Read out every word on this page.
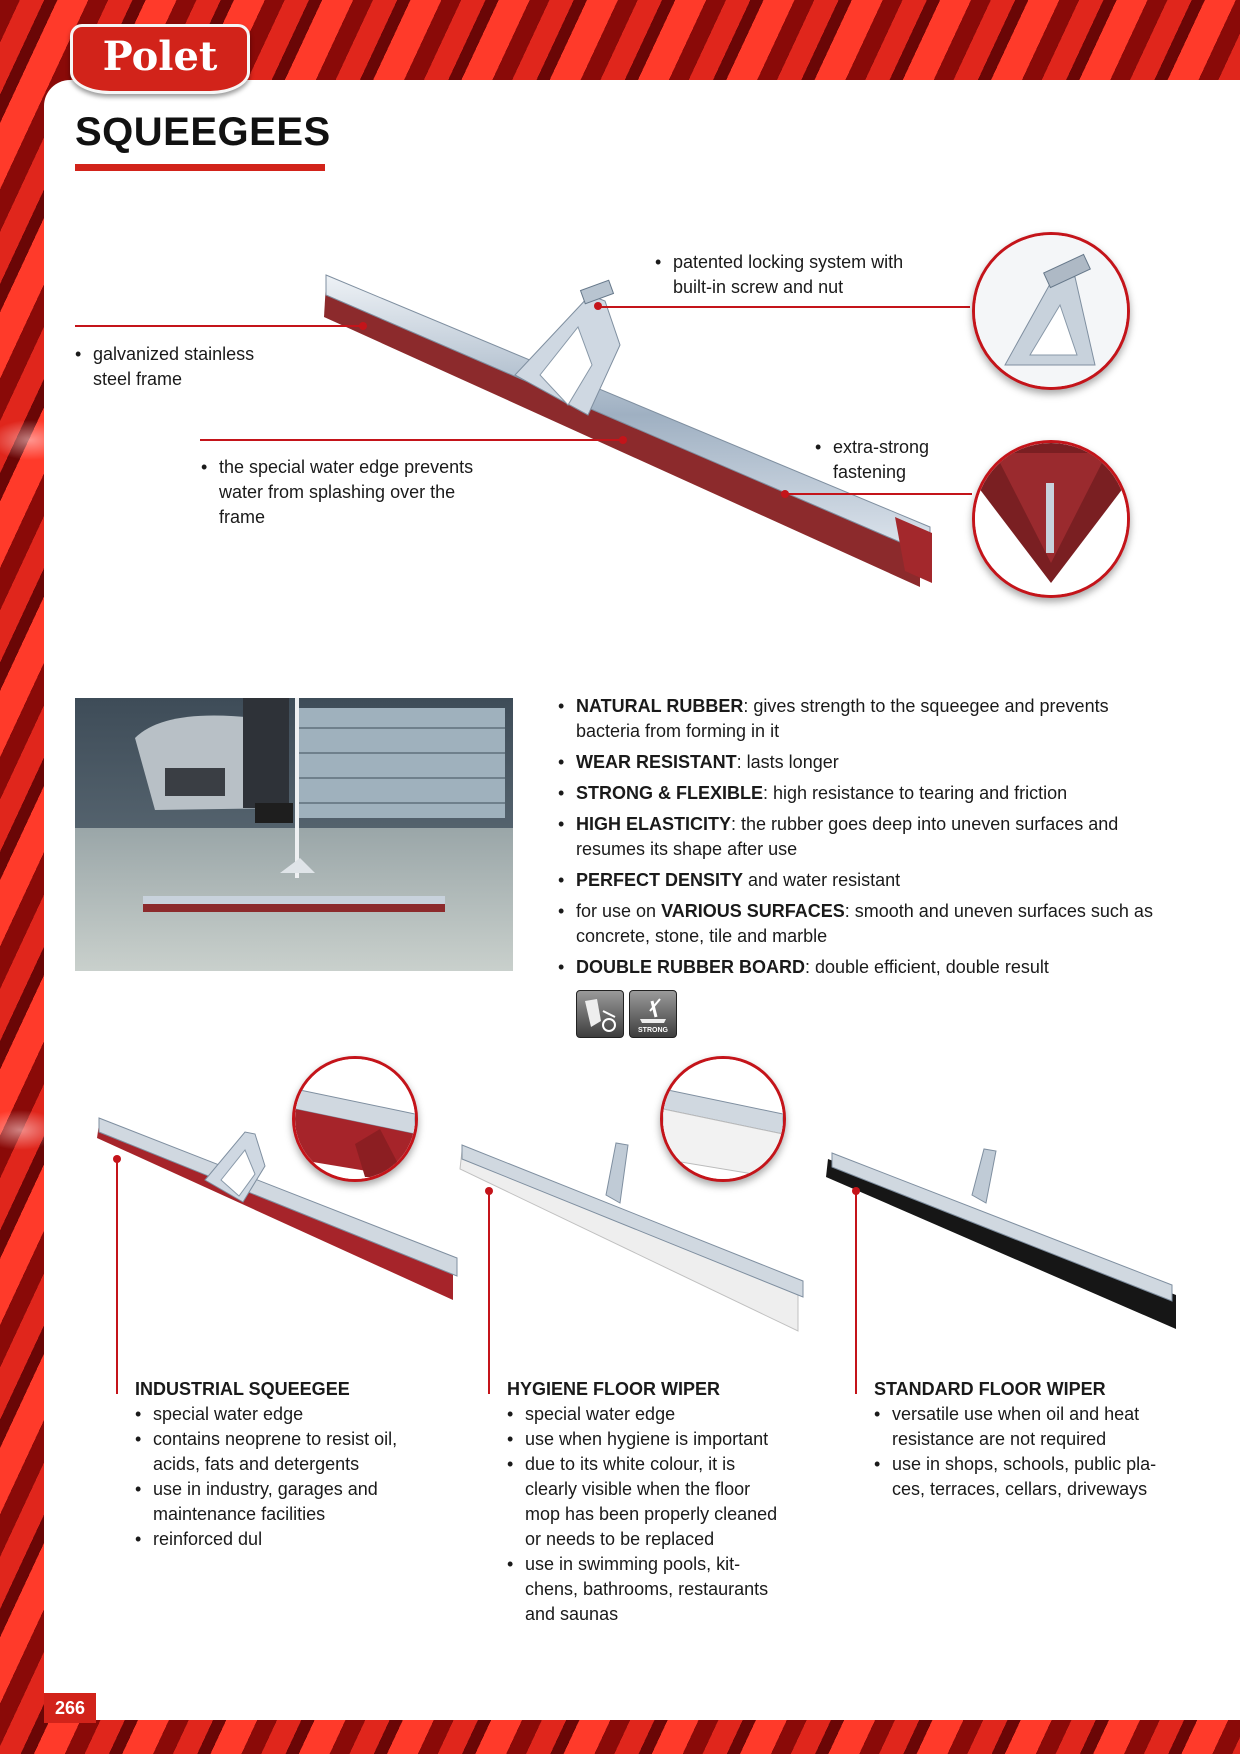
Polet
SQUEEGEES
• galvanized stainless
steel frame
• patented locking system with
built-in screw and nut
• the special water edge prevents
water from splashing over the
frame
• extra-strong
fastening
• NATURAL RUBBER: gives strength to the squeegee and prevents bacteria from forming in it
• WEAR RESISTANT: lasts longer
• STRONG & FLEXIBLE: high resistance to tearing and friction
• HIGH ELASTICITY: the rubber goes deep into uneven surfaces and resumes its shape after use
• PERFECT DENSITY and water resistant
• for use on VARIOUS SURFACES: smooth and uneven surfaces such as concrete, stone, tile and marble
• DOUBLE RUBBER BOARD: double efficient, double result
STRONG
INDUSTRIAL SQUEEGEE
• special water edge
• contains neoprene to resist oil,
acids, fats and detergents
• use in industry, garages and
maintenance facilities
• reinforced dul
HYGIENE FLOOR WIPER
• special water edge
• use when hygiene is important
• due to its white colour, it is
clearly visible when the floor
mop has been properly cleaned
or needs to be replaced
• use in swimming pools, kit-
chens, bathrooms, restaurants
and saunas
STANDARD FLOOR WIPER
• versatile use when oil and heat
resistance are not required
• use in shops, schools, public pla-
ces, terraces, cellars, driveways
266
